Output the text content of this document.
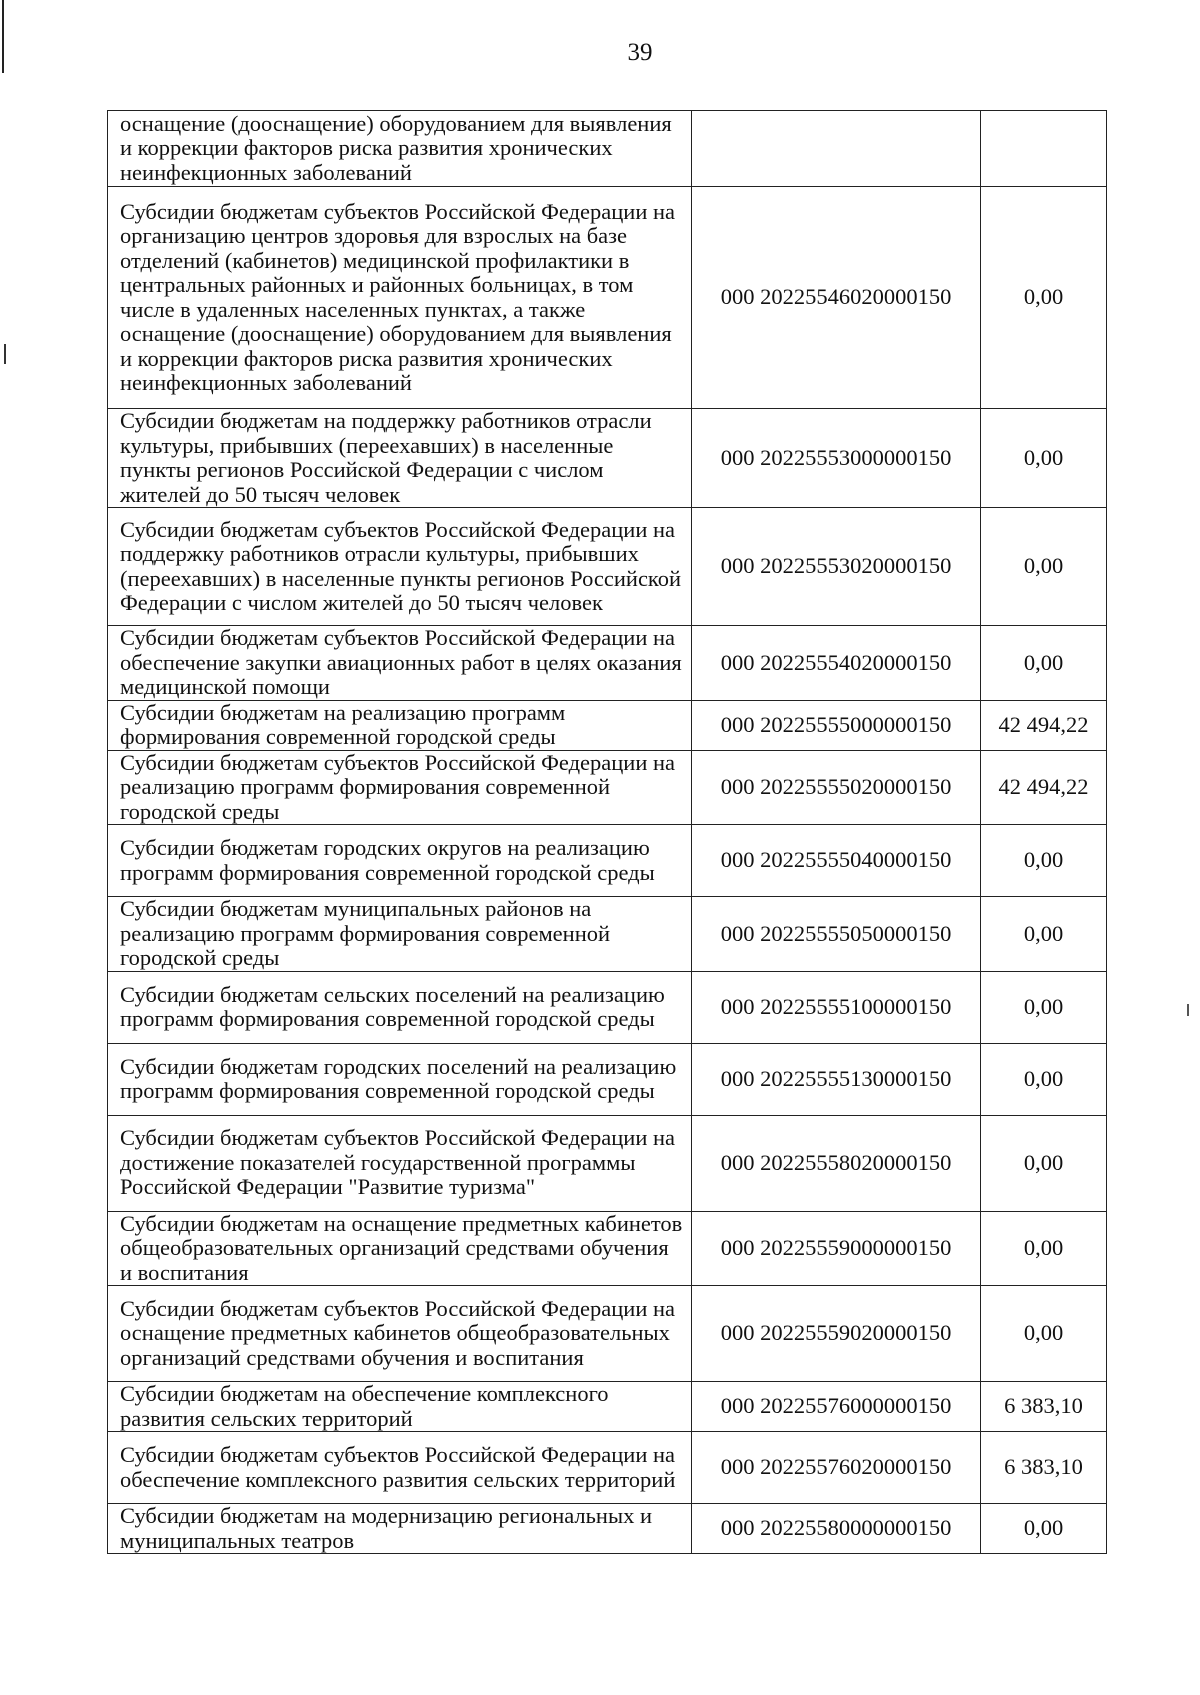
39
оснащение (дооснащение) оборудованием для выявления и коррекции факторов риска развития хронических неинфекционных заболеваний		
Субсидии бюджетам субъектов Российской Федерации на организацию центров здоровья для взрослых на базе отделений (кабинетов) медицинской профилактики в центральных районных и районных больницах, в том числе в удаленных населенных пунктах, а также оснащение (дооснащение) оборудованием для выявления и коррекции факторов риска развития хронических неинфекционных заболеваний	000 20225546020000150	0,00
Субсидии бюджетам на поддержку работников отрасли культуры, прибывших (переехавших) в населенные пункты регионов Российской Федерации с числом жителей до 50 тысяч человек	000 20225553000000150	0,00
Субсидии бюджетам субъектов Российской Федерации на поддержку работников отрасли культуры, прибывших (переехавших) в населенные пункты регионов Российской Федерации с числом жителей до 50 тысяч человек	000 20225553020000150	0,00
Субсидии бюджетам субъектов Российской Федерации на обеспечение закупки авиационных работ в целях оказания медицинской помощи	000 20225554020000150	0,00
Субсидии бюджетам на реализацию программ формирования современной городской среды	000 20225555000000150	42 494,22
Субсидии бюджетам субъектов Российской Федерации на реализацию программ формирования современной городской среды	000 20225555020000150	42 494,22
Субсидии бюджетам городских округов на реализацию программ формирования современной городской среды	000 20225555040000150	0,00
Субсидии бюджетам муниципальных районов на реализацию программ формирования современной городской среды	000 20225555050000150	0,00
Субсидии бюджетам сельских поселений на реализацию программ формирования современной городской среды	000 20225555100000150	0,00
Субсидии бюджетам городских поселений на реализацию программ формирования современной городской среды	000 20225555130000150	0,00
Субсидии бюджетам субъектов Российской Федерации на достижение показателей государственной программы Российской Федерации "Развитие туризма"	000 20225558020000150	0,00
Субсидии бюджетам на оснащение предметных кабинетов общеобразовательных организаций средствами обучения и воспитания	000 20225559000000150	0,00
Субсидии бюджетам субъектов Российской Федерации на оснащение предметных кабинетов общеобразовательных организаций средствами обучения и воспитания	000 20225559020000150	0,00
Субсидии бюджетам на обеспечение комплексного развития сельских территорий	000 20225576000000150	6 383,10
Субсидии бюджетам субъектов Российской Федерации на обеспечение комплексного развития сельских территорий	000 20225576020000150	6 383,10
Субсидии бюджетам на модернизацию региональных и муниципальных театров	000 20225580000000150	0,00
